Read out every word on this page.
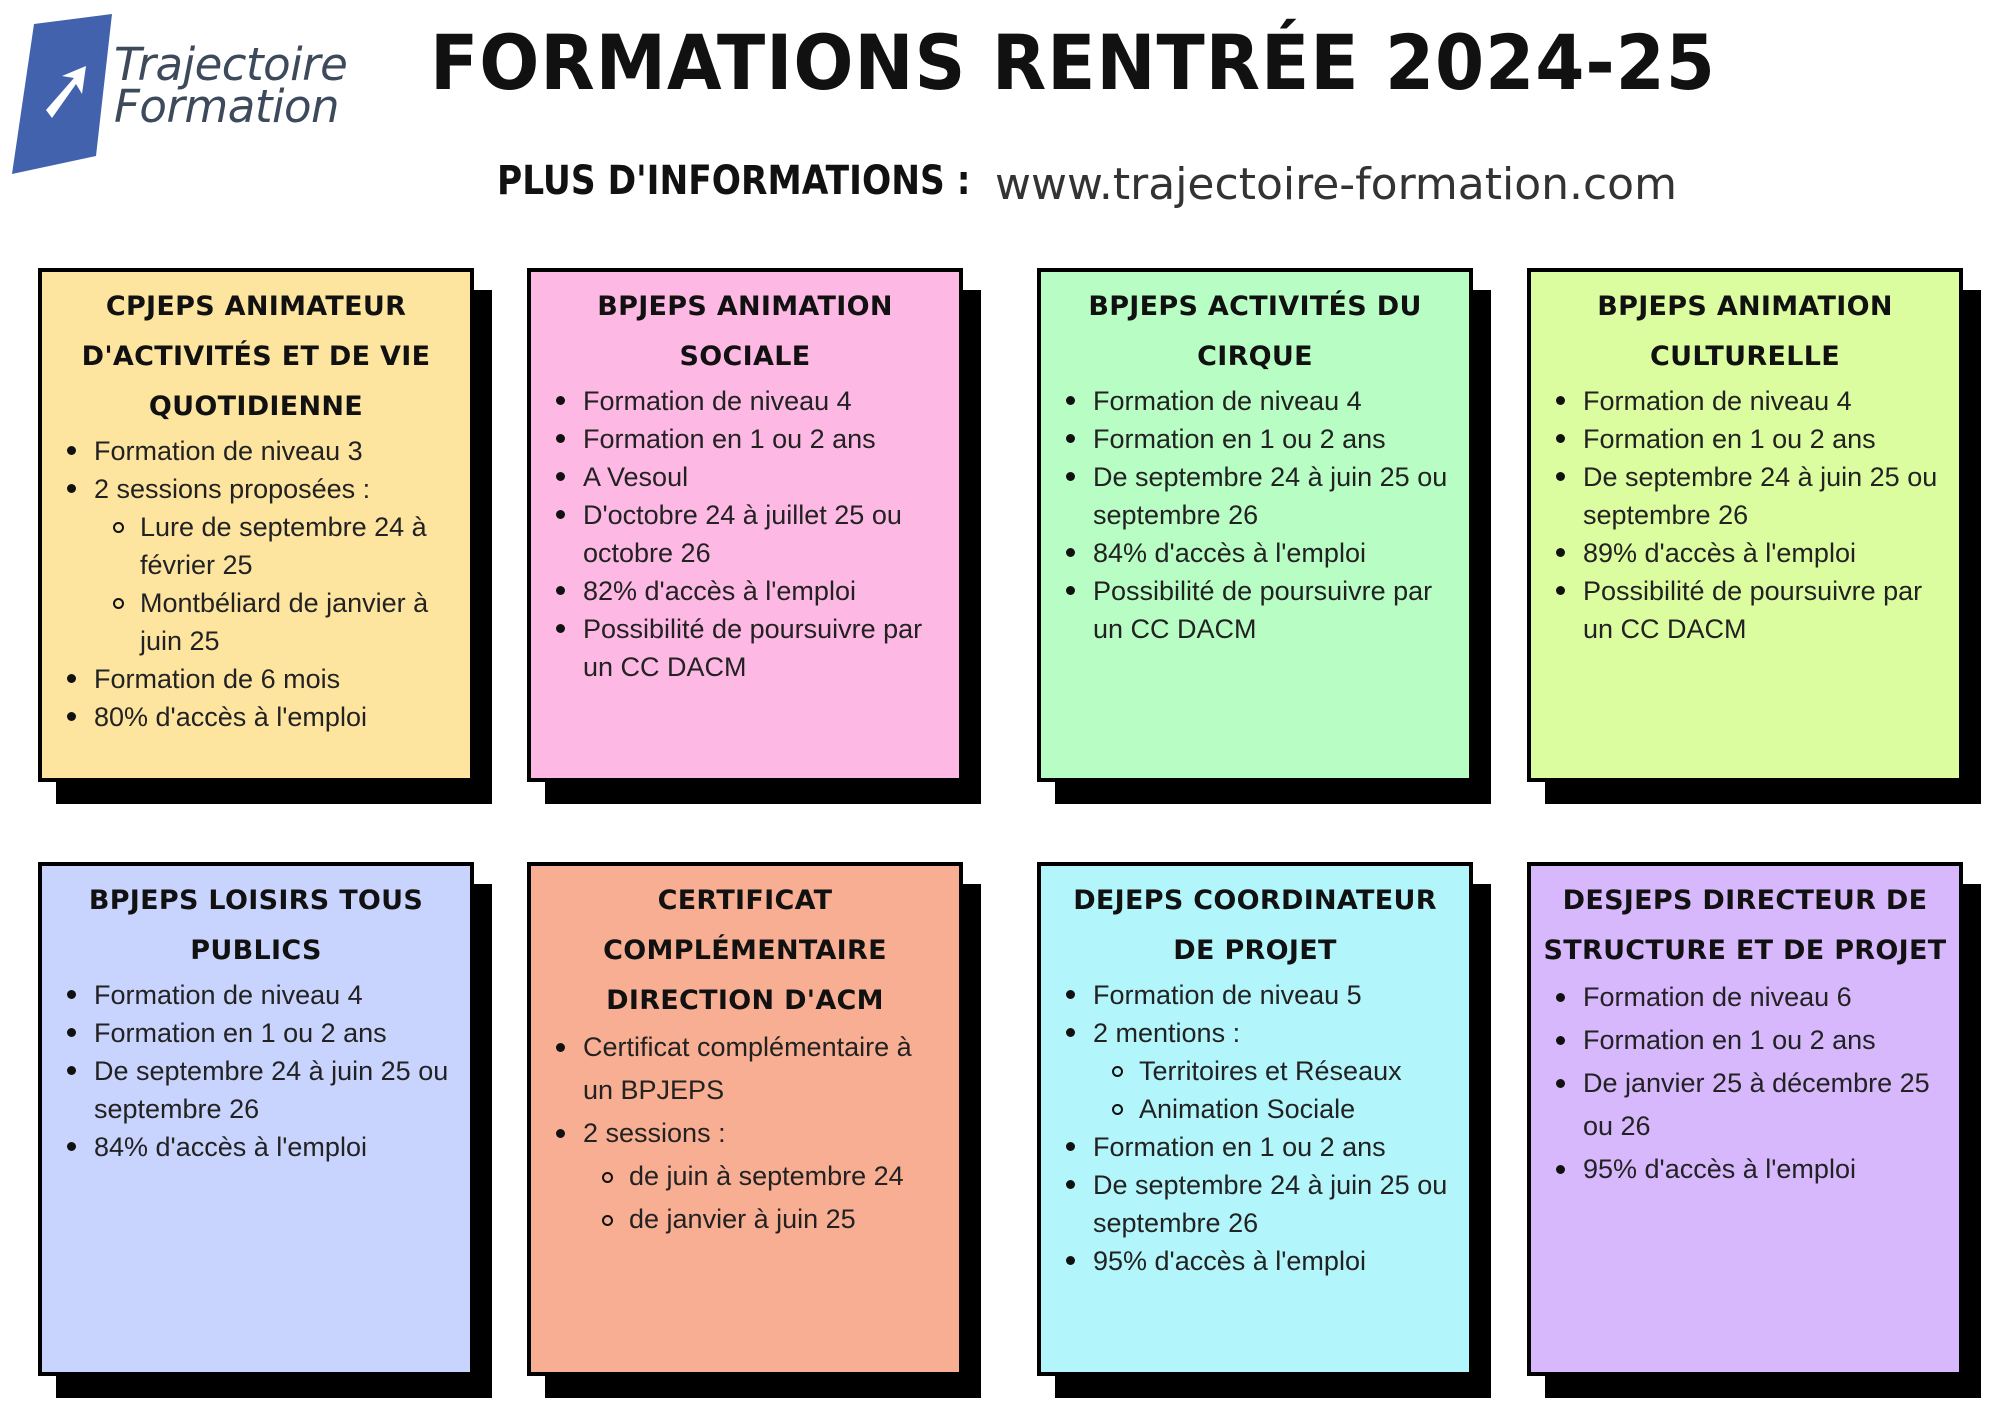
Trajectoire
Formation FORMATIONS RENTRÉE 2024-25
PLUS D'INFORMATIONS : www.trajectoire-formation.com
CPJEPS ANIMATEUR D'ACTIVITÉS ET DE VIE QUOTIDIENNE
Formation de niveau 3
2 sessions proposées :
Lure de septembre 24 à février 25
Montbéliard de janvier à juin 25
Formation de 6 mois
80% d'accès à l'emploi
BPJEPS ANIMATION SOCIALE
Formation de niveau 4
Formation en 1 ou 2 ans
A Vesoul
D'octobre 24 à juillet 25 ou octobre 26
82% d'accès à l'emploi
Possibilité de poursuivre par un CC DACM
BPJEPS ACTIVITÉS DU CIRQUE
Formation de niveau 4
Formation en 1 ou 2 ans
De septembre 24 à juin 25 ou septembre 26
84% d'accès à l'emploi
Possibilité de poursuivre par un CC DACM
BPJEPS ANIMATION CULTURELLE
Formation de niveau 4
Formation en 1 ou 2 ans
De septembre 24 à juin 25 ou septembre 26
89% d'accès à l'emploi
Possibilité de poursuivre par un CC DACM
BPJEPS LOISIRS TOUS PUBLICS
Formation de niveau 4
Formation en 1 ou 2 ans
De septembre 24 à juin 25 ou septembre 26
84% d'accès à l'emploi
CERTIFICAT COMPLÉMENTAIRE DIRECTION D'ACM
Certificat complémentaire à un BPJEPS
2 sessions :
de juin à septembre 24
de janvier à juin 25
DEJEPS COORDINATEUR DE PROJET
Formation de niveau 5
2 mentions :
Territoires et Réseaux
Animation Sociale
Formation en 1 ou 2 ans
De septembre 24 à juin 25 ou septembre 26
95% d'accès à l'emploi
DESJEPS DIRECTEUR DE STRUCTURE ET DE PROJET
Formation de niveau 6
Formation en 1 ou 2 ans
De janvier 25 à décembre 25 ou 26
95% d'accès à l'emploi
